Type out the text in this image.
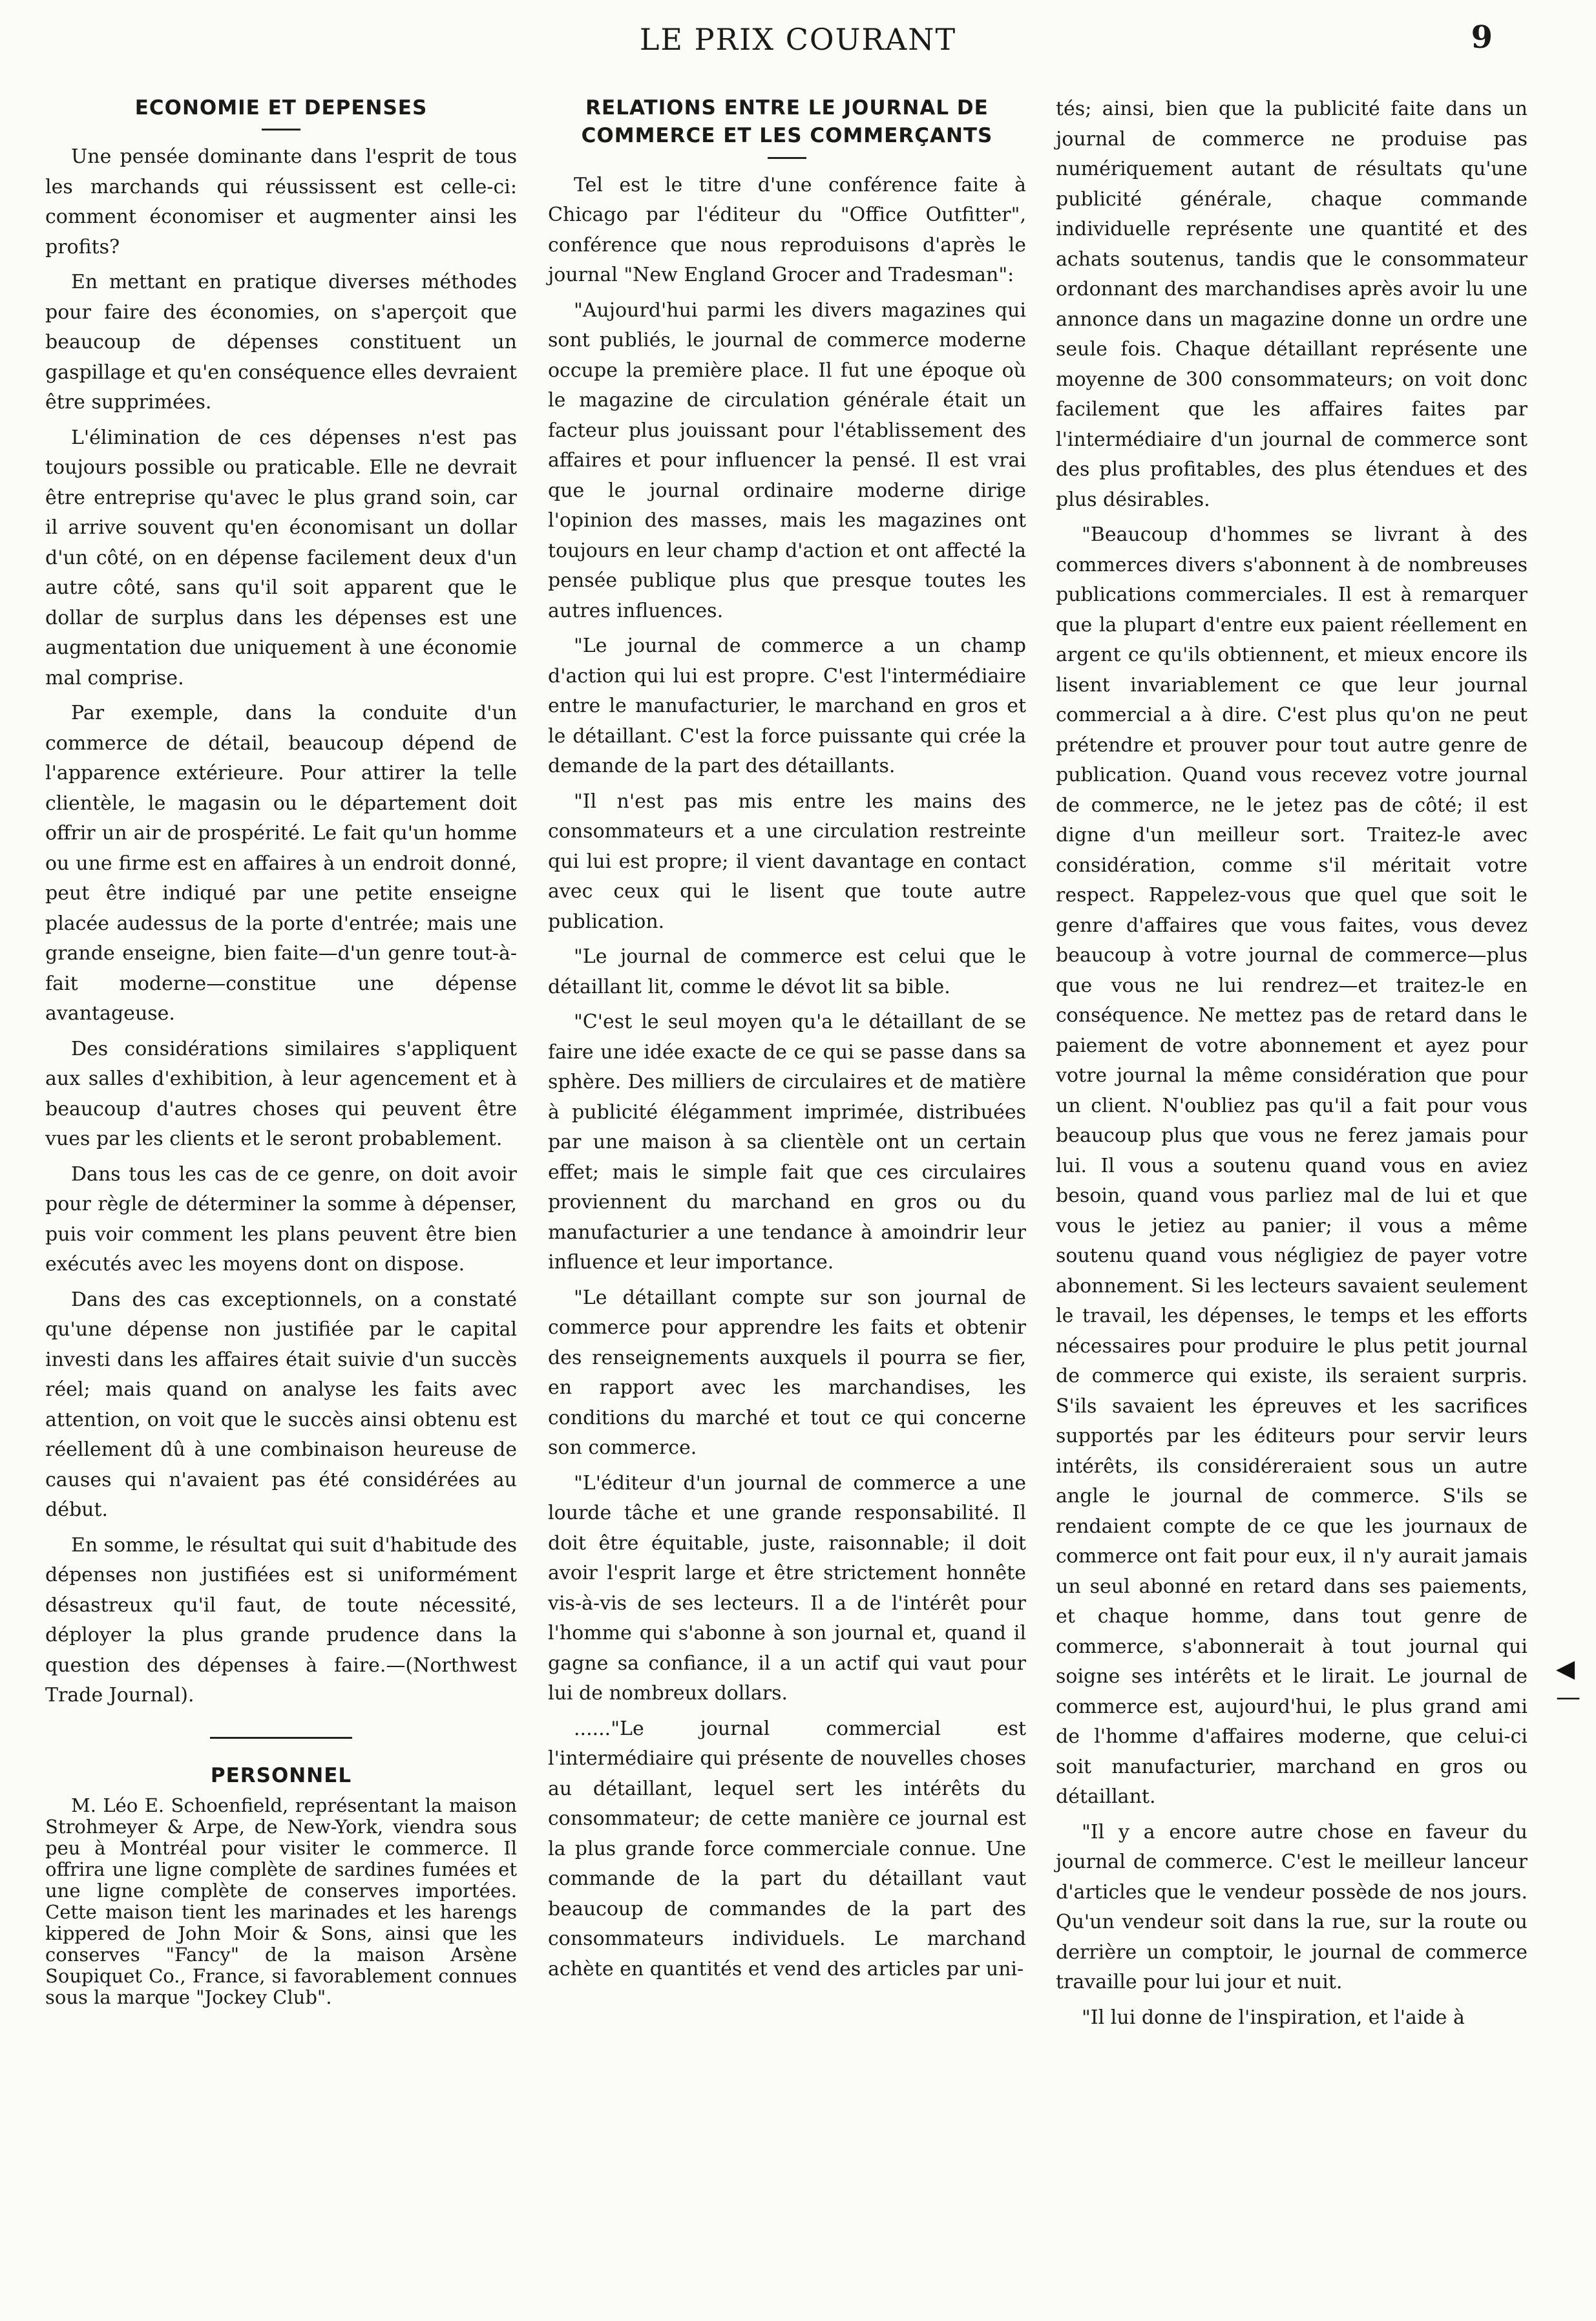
LE PRIX COURANT	9
ECONOMIE ET DEPENSES

Une pensée dominante dans l'esprit de tous les marchands qui réussissent est celle-ci: comment économiser et augmenter ainsi les profits?

En mettant en pratique diverses méthodes pour faire des économies, on s'aperçoit que beaucoup de dépenses constituent un gaspillage et qu'en conséquence elles devraient être supprimées.

L'élimination de ces dépenses n'est pas toujours possible ou praticable. Elle ne devrait être entreprise qu'avec le plus grand soin, car il arrive souvent qu'en économisant un dollar d'un côté, on en dépense facilement deux d'un autre côté, sans qu'il soit apparent que le dollar de surplus dans les dépenses est une augmentation due uniquement à une économie mal comprise.

Par exemple, dans la conduite d'un commerce de détail, beaucoup dépend de l'apparence extérieure. Pour attirer la telle clientèle, le magasin ou le département doit offrir un air de prospérité. Le fait qu'un homme ou une firme est en affaires à un endroit donné, peut être indiqué par une petite enseigne placée audessus de la porte d'entrée; mais une grande enseigne, bien faite—d'un genre tout-à-fait moderne—constitue une dépense avantageuse.

Des considérations similaires s'appliquent aux salles d'exhibition, à leur agencement et à beaucoup d'autres choses qui peuvent être vues par les clients et le seront probablement.

Dans tous les cas de ce genre, on doit avoir pour règle de déterminer la somme à dépenser, puis voir comment les plans peuvent être bien exécutés avec les moyens dont on dispose.

Dans des cas exceptionnels, on a constaté qu'une dépense non justifiée par le capital investi dans les affaires était suivie d'un succès réel; mais quand on analyse les faits avec attention, on voit que le succès ainsi obtenu est réellement dû à une combinaison heureuse de causes qui n'avaient pas été considérées au début.

En somme, le résultat qui suit d'habitude des dépenses non justifiées est si uniformément désastreux qu'il faut, de toute nécessité, déployer la plus grande prudence dans la question des dépenses à faire.—(Northwest Trade Journal).

PERSONNEL

M. Léo E. Schoenfield, représentant la maison Strohmeyer & Arpe, de New-York, viendra sous peu à Montréal pour visiter le commerce. Il offrira une ligne complète de sardines fumées et une ligne complète de conserves importées. Cette maison tient les marinades et les harengs kippered de John Moir & Sons, ainsi que les conserves "Fancy" de la maison Arsène Soupiquet Co., France, si favorablement connues sous la marque "Jockey Club".

RELATIONS ENTRE LE JOURNAL DE COMMERCE ET LES COMMERÇANTS

Tel est le titre d'une conférence faite à Chicago par l'éditeur du "Office Outfitter", conférence que nous reproduisons d'après le journal "New England Grocer and Tradesman":

"Aujourd'hui parmi les divers magazines qui sont publiés, le journal de commerce moderne occupe la première place. Il fut une époque où le magazine de circulation générale était un facteur plus jouissant pour l'établissement des affaires et pour influencer la pensé. Il est vrai que le journal ordinaire moderne dirige l'opinion des masses, mais les magazines ont toujours en leur champ d'action et ont affecté la pensée publique plus que presque toutes les autres influences.

"Le journal de commerce a un champ d'action qui lui est propre. C'est l'intermédiaire entre le manufacturier, le marchand en gros et le détaillant. C'est la force puissante qui crée la demande de la part des détaillants.

"Il n'est pas mis entre les mains des consommateurs et a une circulation restreinte qui lui est propre; il vient davantage en contact avec ceux qui le lisent que toute autre publication.

"Le journal de commerce est celui que le détaillant lit, comme le dévot lit sa bible.

"C'est le seul moyen qu'a le détaillant de se faire une idée exacte de ce qui se passe dans sa sphère. Des milliers de circulaires et de matière à publicité élégamment imprimée, distribuées par une maison à sa clientèle ont un certain effet; mais le simple fait que ces circulaires proviennent du marchand en gros ou du manufacturier a une tendance à amoindrir leur influence et leur importance.

"Le détaillant compte sur son journal de commerce pour apprendre les faits et obtenir des renseignements auxquels il pourra se fier, en rapport avec les marchandises, les conditions du marché et tout ce qui concerne son commerce.

"L'éditeur d'un journal de commerce a une lourde tâche et une grande responsabilité. Il doit être équitable, juste, raisonnable; il doit avoir l'esprit large et être strictement honnête vis-à-vis de ses lecteurs. Il a de l'intérêt pour l'homme qui s'abonne à son journal et, quand il gagne sa confiance, il a un actif qui vaut pour lui de nombreux dollars.

......"Le journal commercial est l'intermédiaire qui présente de nouvelles choses au détaillant, lequel sert les intérêts du consommateur; de cette manière ce journal est la plus grande force commerciale connue. Une commande de la part du détaillant vaut beaucoup de commandes de la part des consommateurs individuels. Le marchand achète en quantités et vend des articles par uni-

tés; ainsi, bien que la publicité faite dans un journal de commerce ne produise pas numériquement autant de résultats qu'une publicité générale, chaque commande individuelle représente une quantité et des achats soutenus, tandis que le consommateur ordonnant des marchandises après avoir lu une annonce dans un magazine donne un ordre une seule fois. Chaque détaillant représente une moyenne de 300 consommateurs; on voit donc facilement que les affaires faites par l'intermédiaire d'un journal de commerce sont des plus profitables, des plus étendues et des plus désirables.

"Beaucoup d'hommes se livrant à des commerces divers s'abonnent à de nombreuses publications commerciales. Il est à remarquer que la plupart d'entre eux paient réellement en argent ce qu'ils obtiennent, et mieux encore ils lisent invariablement ce que leur journal commercial a à dire. C'est plus qu'on ne peut prétendre et prouver pour tout autre genre de publication. Quand vous recevez votre journal de commerce, ne le jetez pas de côté; il est digne d'un meilleur sort. Traitez-le avec considération, comme s'il méritait votre respect. Rappelez-vous que quel que soit le genre d'affaires que vous faites, vous devez beaucoup à votre journal de commerce—plus que vous ne lui rendrez—et traitez-le en conséquence. Ne mettez pas de retard dans le paiement de votre abonnement et ayez pour votre journal la même considération que pour un client. N'oubliez pas qu'il a fait pour vous beaucoup plus que vous ne ferez jamais pour lui. Il vous a soutenu quand vous en aviez besoin, quand vous parliez mal de lui et que vous le jetiez au panier; il vous a même soutenu quand vous négligiez de payer votre abonnement. Si les lecteurs savaient seulement le travail, les dépenses, le temps et les efforts nécessaires pour produire le plus petit journal de commerce qui existe, ils seraient surpris. S'ils savaient les épreuves et les sacrifices supportés par les éditeurs pour servir leurs intérêts, ils considéreraient sous un autre angle le journal de commerce. S'ils se rendaient compte de ce que les journaux de commerce ont fait pour eux, il n'y aurait jamais un seul abonné en retard dans ses paiements, et chaque homme, dans tout genre de commerce, s'abonnerait à tout journal qui soigne ses intérêts et le lirait. Le journal de commerce est, aujourd'hui, le plus grand ami de l'homme d'affaires moderne, que celui-ci soit manufacturier, marchand en gros ou détaillant.

"Il y a encore autre chose en faveur du journal de commerce. C'est le meilleur lanceur d'articles que le vendeur possède de nos jours. Qu'un vendeur soit dans la rue, sur la route ou derrière un comptoir, le journal de commerce travaille pour lui jour et nuit.

"Il lui donne de l'inspiration, et l'aide à

◀—
